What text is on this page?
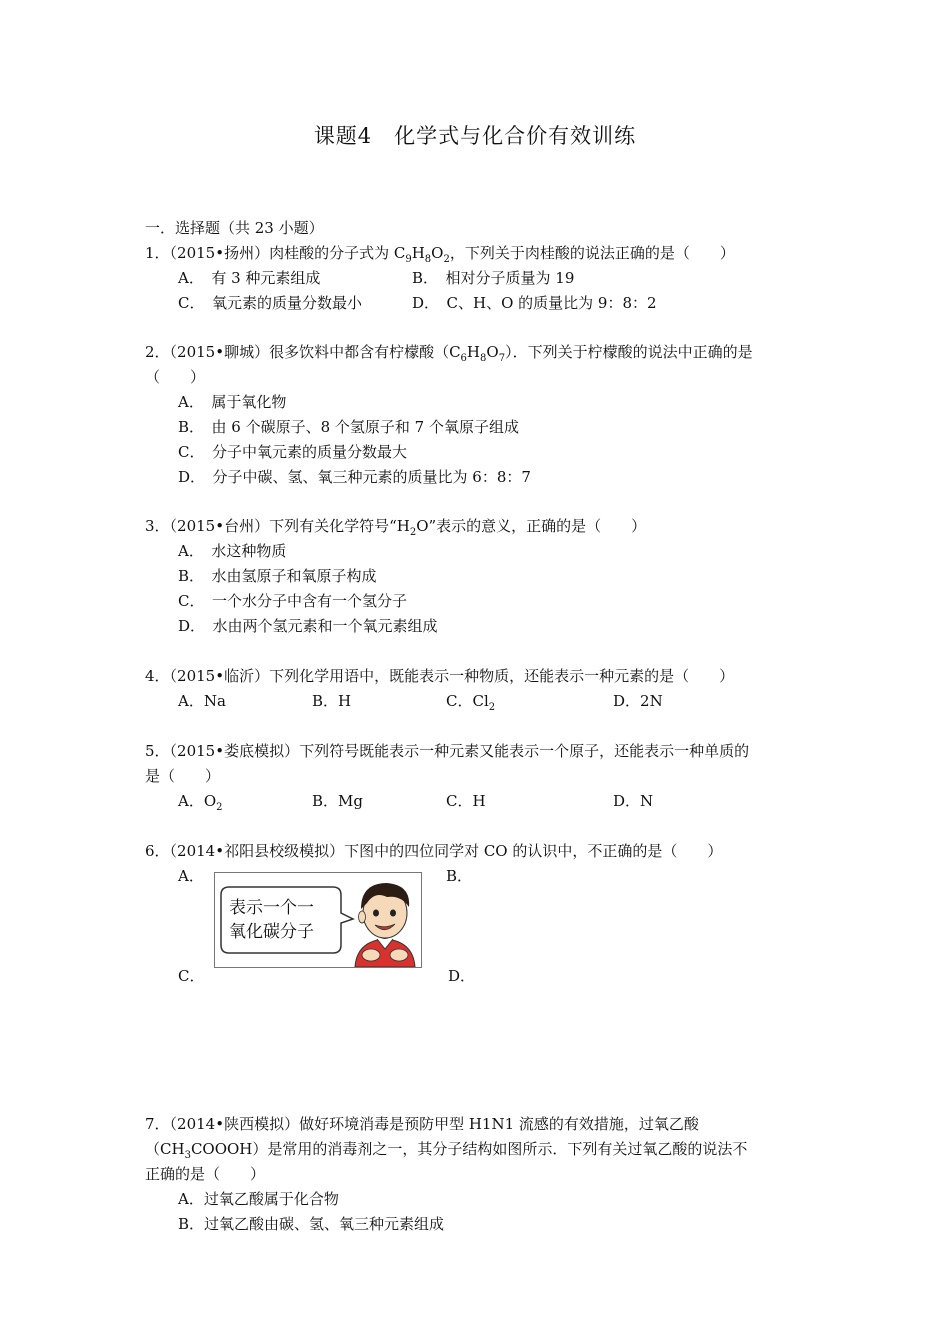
课题4　化学式与化合价有效训练
一．选择题（共 23 小题）
1．（2015•扬州）肉桂酸的分子式为 $C_9H_8O_2$，下列关于肉桂酸的说法正确的是（　　）
A．　有 3 种元素组成	B．　相对分子质量为 19
C．　氧元素的质量分数最小	D．　C、H、O 的质量比为 9：8：2
2．（2015•聊城）很多饮料中都含有柠檬酸$(C_6H_8O_7)$．下列关于柠檬酸的说法中正确的是
（　　）
A．　属于氧化物
B．　由 6 个碳原子、8 个氢原子和 7 个氧原子组成
C．　分子中氧元素的质量分数最大
D．　分子中碳、氢、氧三种元素的质量比为 6：8：7
3．（2015•台州）下列有关化学符号“$H_2O$”表示的意义，正确的是（　　）
A．　水这种物质
B．　水由氢原子和氧原子构成
C．　一个水分子中含有一个氢分子
D．　水由两个氢元素和一个氧元素组成
4．（2015•临沂）下列化学用语中，既能表示一种物质，还能表示一种元素的是（　　）
A．Na	B．H	C．$Cl_2$	D．2N
5．（2015•娄底模拟）下列符号既能表示一种元素又能表示一个原子，还能表示一种单质的
是（　　）
A．$O_2$	B．Mg	C．H	D．N
6．（2014•祁阳县校级模拟）下图中的四位同学对 CO 的认识中，不正确的是（　　）
A．	B．
C．	D．
表示一个一
氧化碳分子
7．（2014•陕西模拟）做好环境消毒是预防甲型 H1N1 流感的有效措施，过氧乙酸
$(CH_3COOOH)$是常用的消毒剂之一，其分子结构如图所示．下列有关过氧乙酸的说法不
正确的是（　　）
A．过氧乙酸属于化合物
B．过氧乙酸由碳、氢、氧三种元素组成
